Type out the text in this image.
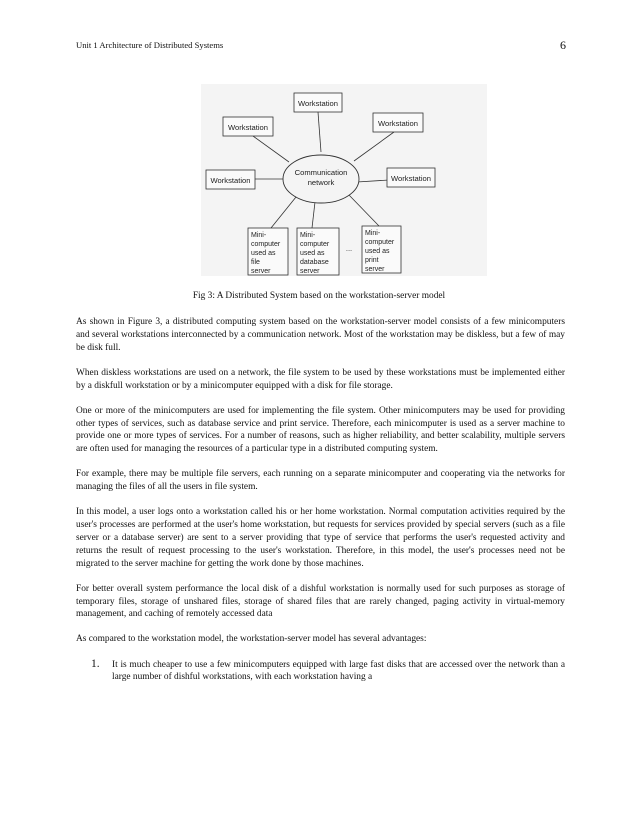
Unit 1 Architecture of Distributed Systems	6
Communication
network
Workstation
Workstation	Workstation
Workstation	Workstation
Mini-
computer
used as
file
server
Mini-
computer
used as
database
server
Mini-
computer
used as
print
server
...
Fig 3: A Distributed System based on the workstation-server model

As shown in Figure 3, a distributed computing system based on the workstation-server model consists of a few minicomputers and several workstations interconnected by a communication network. Most of the workstation may be diskless, but a few of may be disk full.

When diskless workstations are used on a network, the file system to be used by these workstations must be implemented either by a diskfull workstation or by a minicomputer equipped with a disk for file storage.

One or more of the minicomputers are used for implementing the file system. Other minicomputers may be used for providing other types of services, such as database service and print service. Therefore, each minicomputer is used as a server machine to provide one or more types of services. For a number of reasons, such as higher reliability, and better scalability, multiple servers are often used for managing the resources of a particular type in a distributed computing system.

For example, there may be multiple file servers, each running on a separate minicomputer and cooperating via the networks for managing the files of all the users in file system.

In this model, a user logs onto a workstation called his or her home workstation. Normal computation activities required by the user's processes are performed at the user's home workstation, but requests for services provided by special servers (such as a file server or a database server) are sent to a server providing that type of service that performs the user's requested activity and returns the result of request processing to the user's workstation. Therefore, in this model, the user's processes need not be migrated to the server machine for getting the work done by those machines.

For better overall system performance the local disk of a dishful workstation is normally used for such purposes as storage of temporary files, storage of unshared files, storage of shared files that are rarely changed, paging activity in virtual-memory management, and caching of remotely accessed data

As compared to the workstation model, the workstation-server model has several advantages:

1. It is much cheaper to use a few minicomputers equipped with large fast disks that are accessed over the network than a large number of dishful workstations, with each workstation having a
